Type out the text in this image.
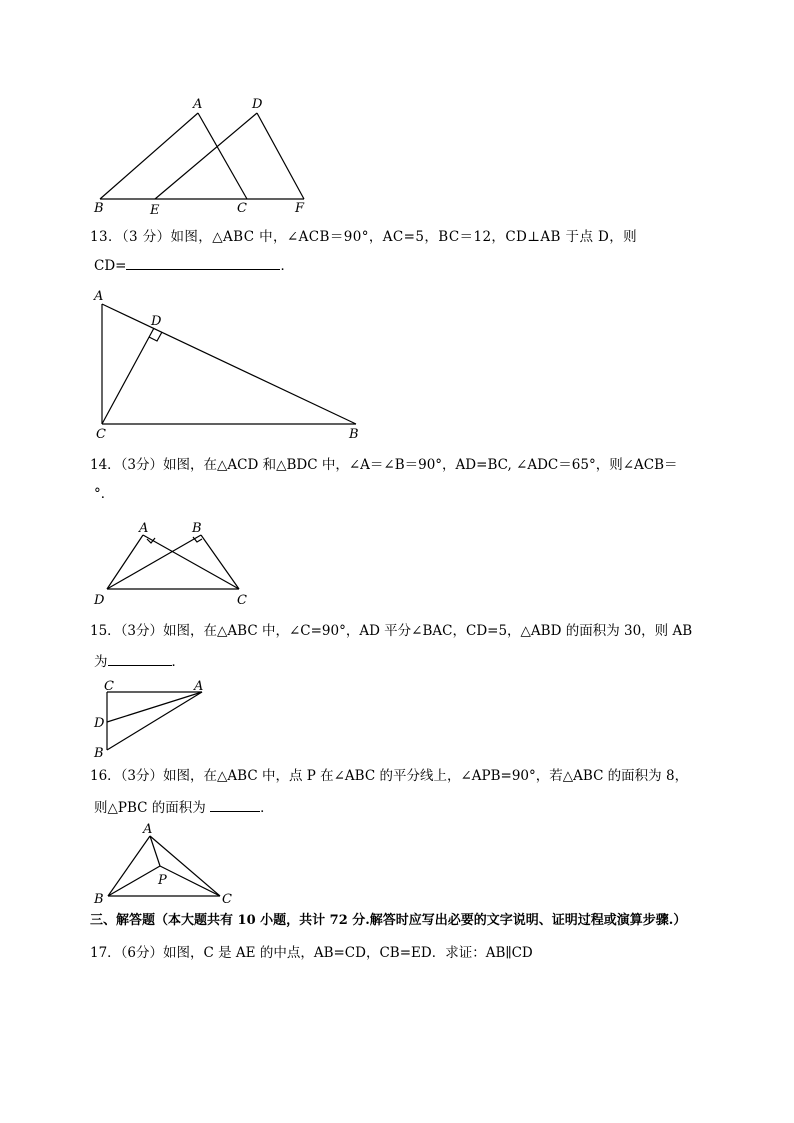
A	D
B	E	C	F
13．（3 分）如图，△ABC 中，∠ACB＝90°，AC=5，BC＝12，CD⊥AB 于点 D，则
CD=	．
A
D
C	B
14．（3分）如图，在△ACD 和△BDC 中，∠A＝∠B＝90°，AD=BC, ∠ADC＝65°，则∠ACB＝
°．
A	B
D	C
15．（3分）如图，在△ABC 中，∠C=90°，AD 平分∠BAC，CD=5，△ABD 的面积为 30，则 AB
为	．
C	A
D
B
16．（3分）如图，在△ABC 中，点 P 在∠ABC 的平分线上，∠APB=90°，若△ABC 的面积为 8，
则△PBC 的面积为	．
A
P
B	C
三、解答题（本大题共有 10 小题，共计 72 分.解答时应写出必要的文字说明、证明过程或演算步骤.）
17．（6分）如图，C 是 AE 的中点，AB=CD，CB=ED．求证：AB∥CD
